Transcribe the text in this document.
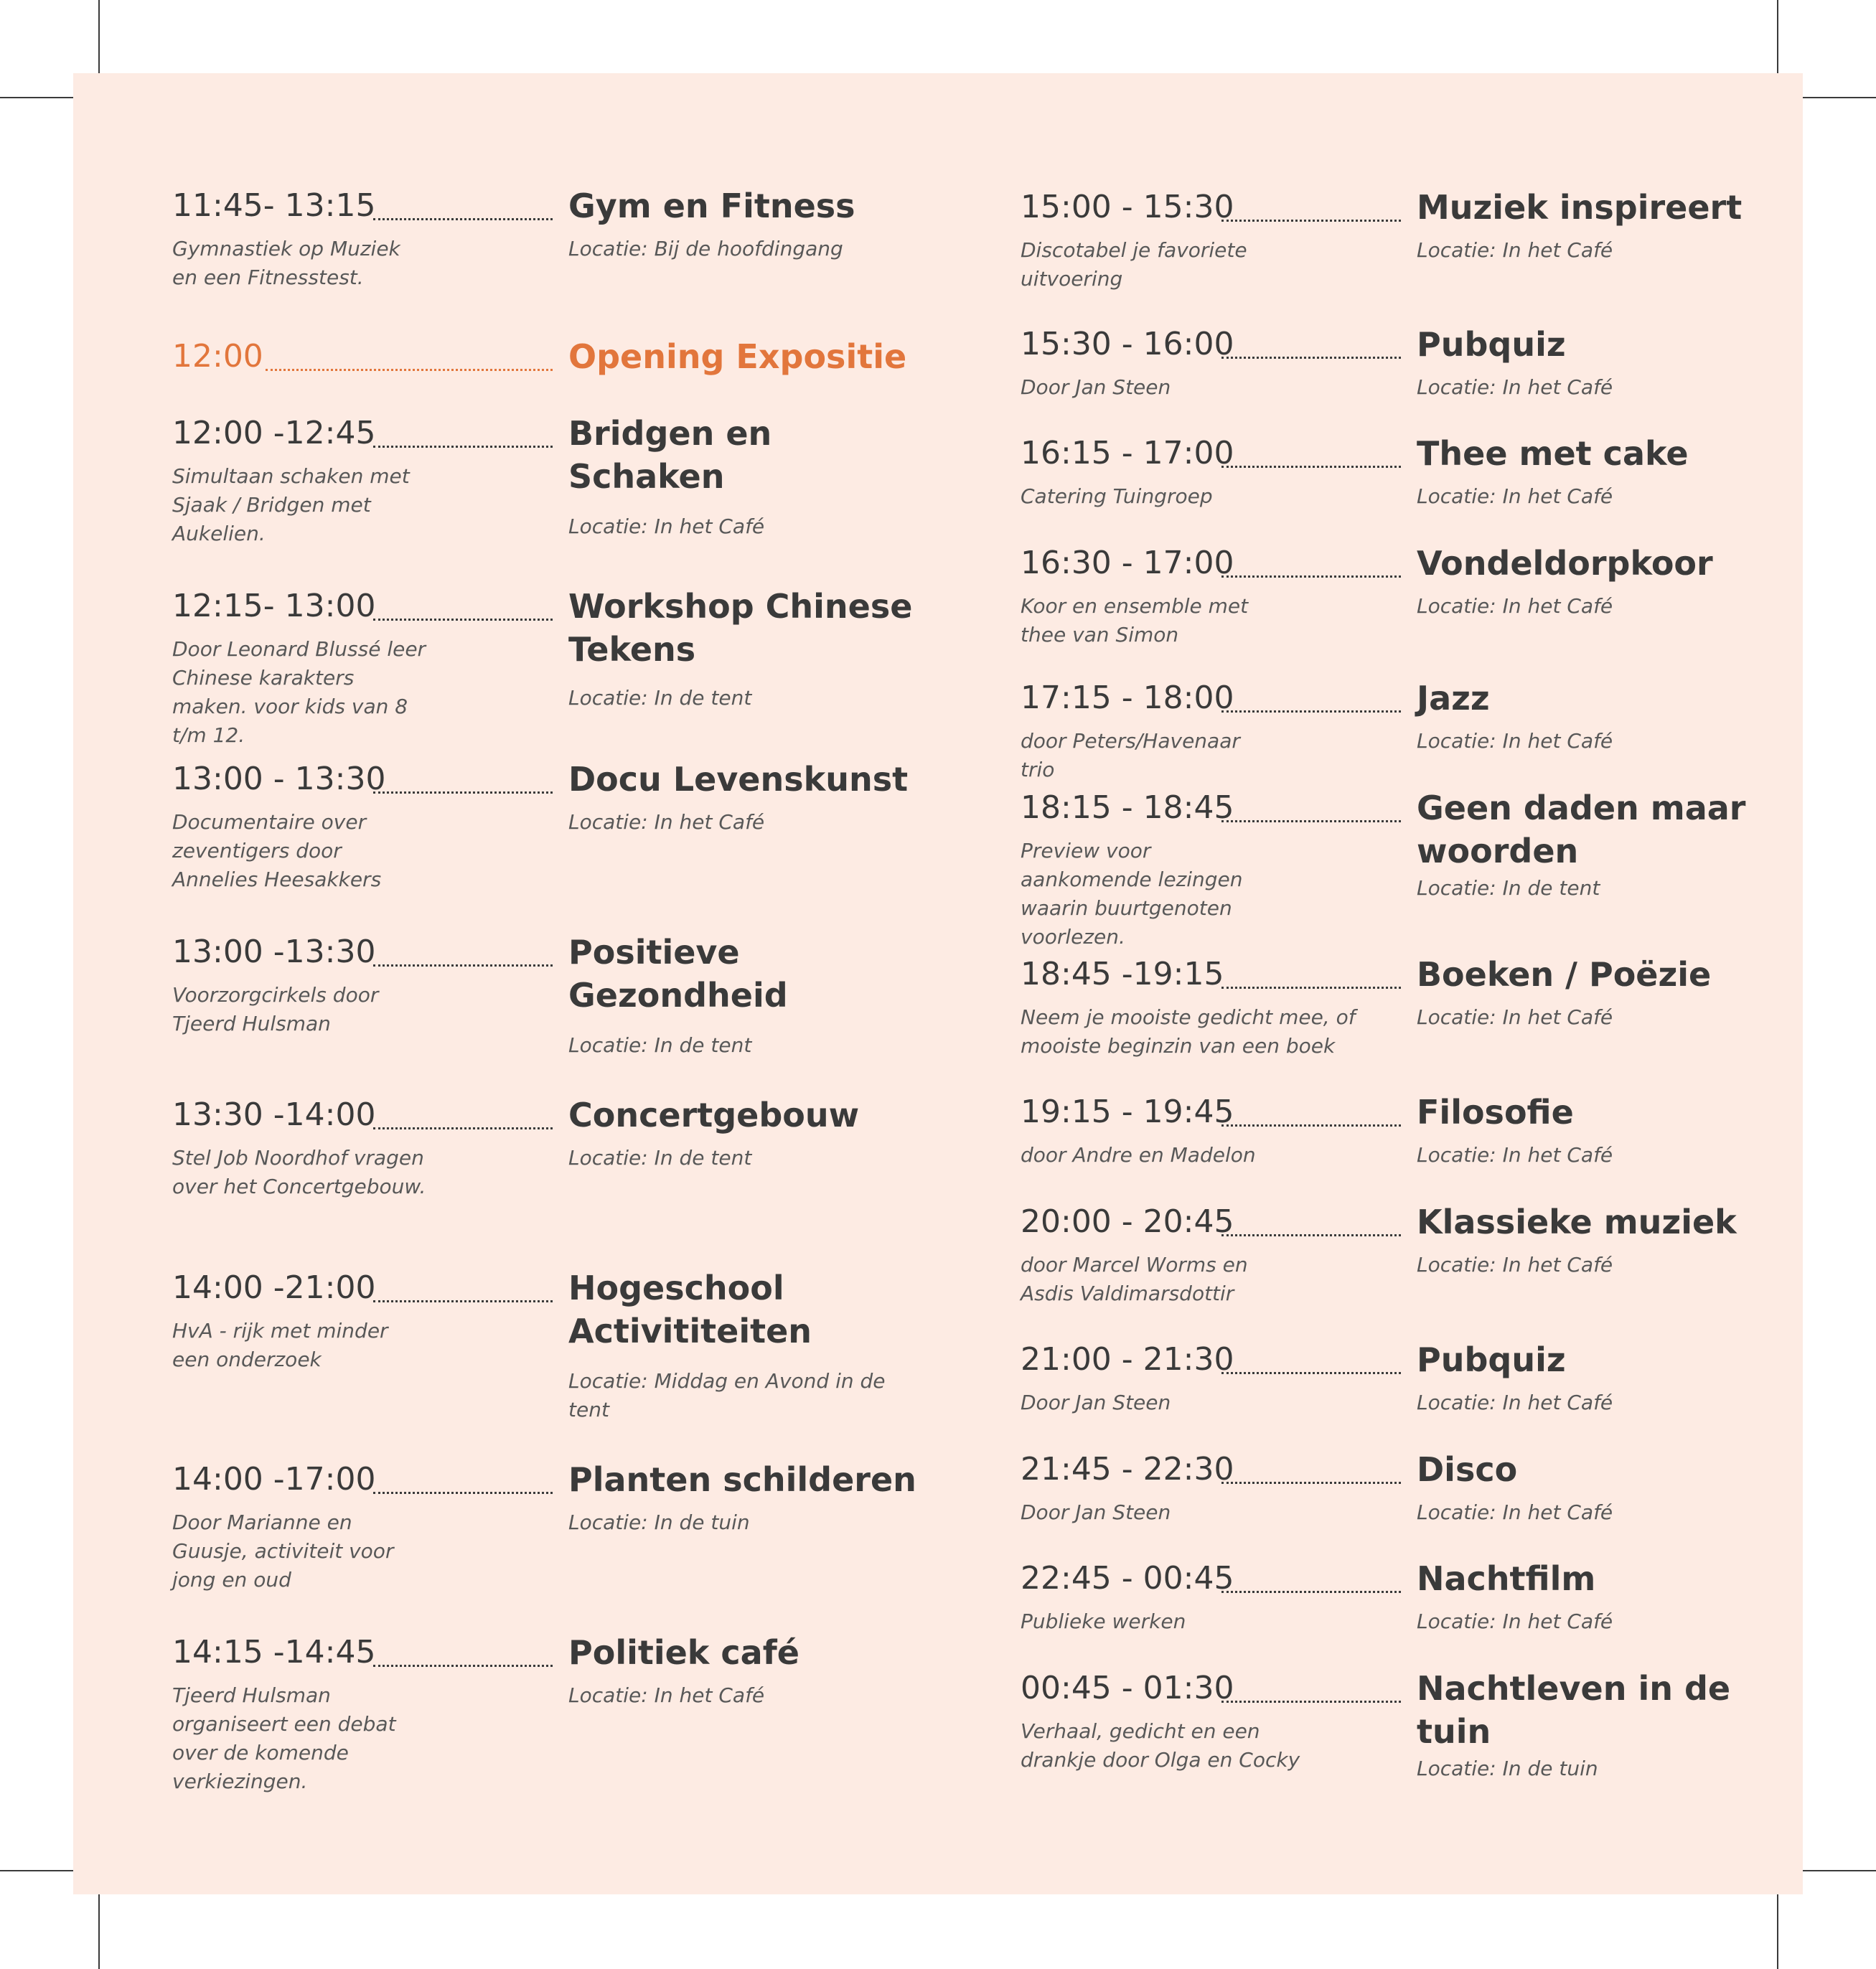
11:45- 13:15	Gym en Fitness
Gymnastiek op Muziek en een Fitnesstest.
Locatie: Bij de hoofdingang
12:00	Opening Expositie
12:00 -12:45	Bridgen en Schaken
Simultaan schaken met Sjaak / Bridgen met Aukelien.	Locatie: In het Café
12:15- 13:00	Workshop Chinese Tekens
Door Leonard Blussé leer Chinese karakters maken. voor kids van 8 t/m 12.
Locatie: In de tent
13:00 - 13:30	Docu Levenskunst
Documentaire over zeventigers door Annelies Heesakkers
Locatie: In het Café
13:00 -13:30	Positieve Gezondheid
Voorzorgcirkels door Tjeerd Hulsman
Locatie: In de tent
13:30 -14:00	Concertgebouw
Stel Job Noordhof vragen over het Concertgebouw.
Locatie: In de tent
14:00 -21:00	Hogeschool Activititeiten
HvA - rijk met minder een onderzoek
Locatie: Middag en Avond in de tent
14:00 -17:00	Planten schilderen
Door Marianne en Guusje, activiteit voor jong en oud
Locatie: In de tuin
14:15 -14:45	Politiek café
Tjeerd Hulsman organiseert een debat over de komende verkiezingen.
Locatie: In het Café
15:00 - 15:30	Muziek inspireert
Discotabel je favoriete uitvoering
Locatie: In het Café
15:30 - 16:00	Pubquiz
Door Jan Steen	Locatie: In het Café
16:15 - 17:00	Thee met cake
Catering Tuingroep	Locatie: In het Café
16:30 - 17:00	Vondeldorpkoor
Koor en ensemble met thee van Simon
Locatie: In het Café
17:15 - 18:00	Jazz
door Peters/Havenaar trio
Locatie: In het Café
18:15 - 18:45	Geen daden maar woorden
Preview voor aankomende lezingen waarin buurtgenoten voorlezen.
Locatie: In de tent
18:45 -19:15	Boeken / Poëzie
Neem je mooiste gedicht mee, of mooiste beginzin van een boek
Locatie: In het Café
19:15 - 19:45	Filosofie
door Andre en Madelon	Locatie: In het Café
20:00 - 20:45	Klassieke muziek
door Marcel Worms en Asdis Valdimarsdottir
Locatie: In het Café
21:00 - 21:30	Pubquiz
Door Jan Steen	Locatie: In het Café
21:45 - 22:30	Disco
Door Jan Steen	Locatie: In het Café
22:45 - 00:45	Nachtfilm
Publieke werken	Locatie: In het Café
00:45 - 01:30	Nachtleven in de tuin
Verhaal, gedicht en een drankje door Olga en Cocky	Locatie: In de tuin
